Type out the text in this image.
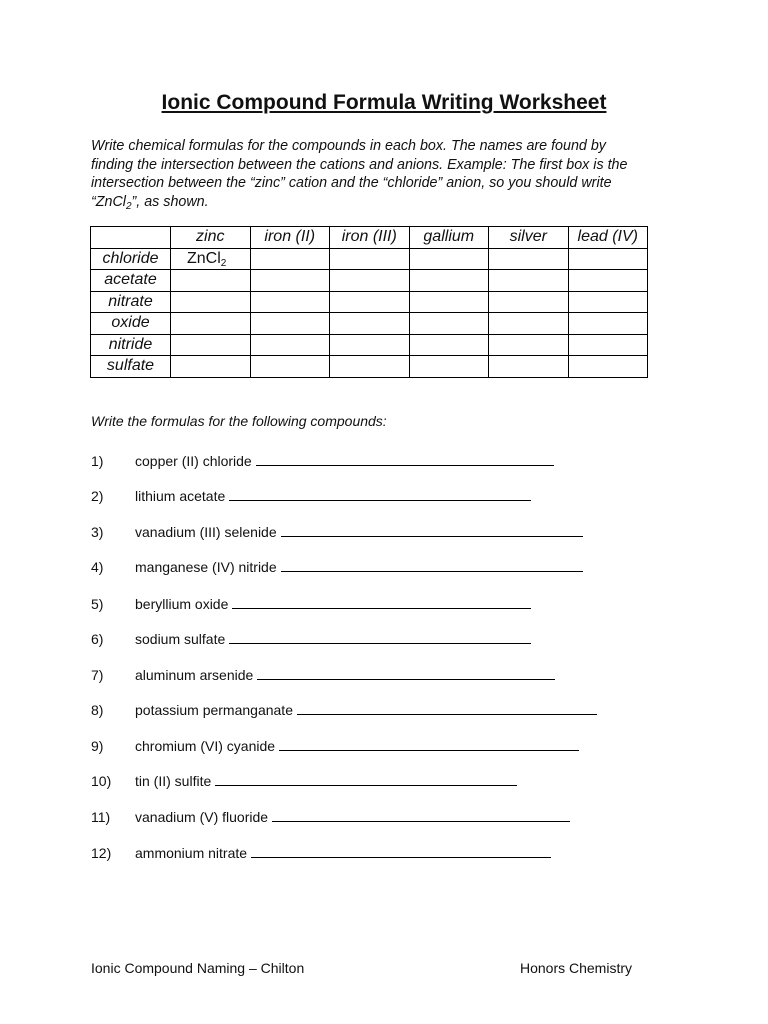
Ionic Compound Formula Writing Worksheet

Write chemical formulas for the compounds in each box. The names are found by

finding the intersection between the cations and anions. Example: The first box is the

intersection between the “zinc” cation and the “chloride” anion, so you should write

“ZnCl$_2$”, as shown.

	zinc	iron (II)	iron (III)	gallium	silver	lead (IV)
chloride	ZnCl$_2$					
acetate						
nitrate						
oxide						
nitride						
sulfate						
Write the formulas for the following compounds:
1) copper (II) chloride
2) lithium acetate
3) vanadium (III) selenide
4) manganese (IV) nitride
5) beryllium oxide
6) sodium sulfate
7) aluminum arsenide
8) potassium permanganate
9) chromium (VI) cyanide
10) tin (II) sulfite
11) vanadium (V) fluoride
12) ammonium nitrate
Ionic Compound Naming – Chilton	Honors Chemistry
